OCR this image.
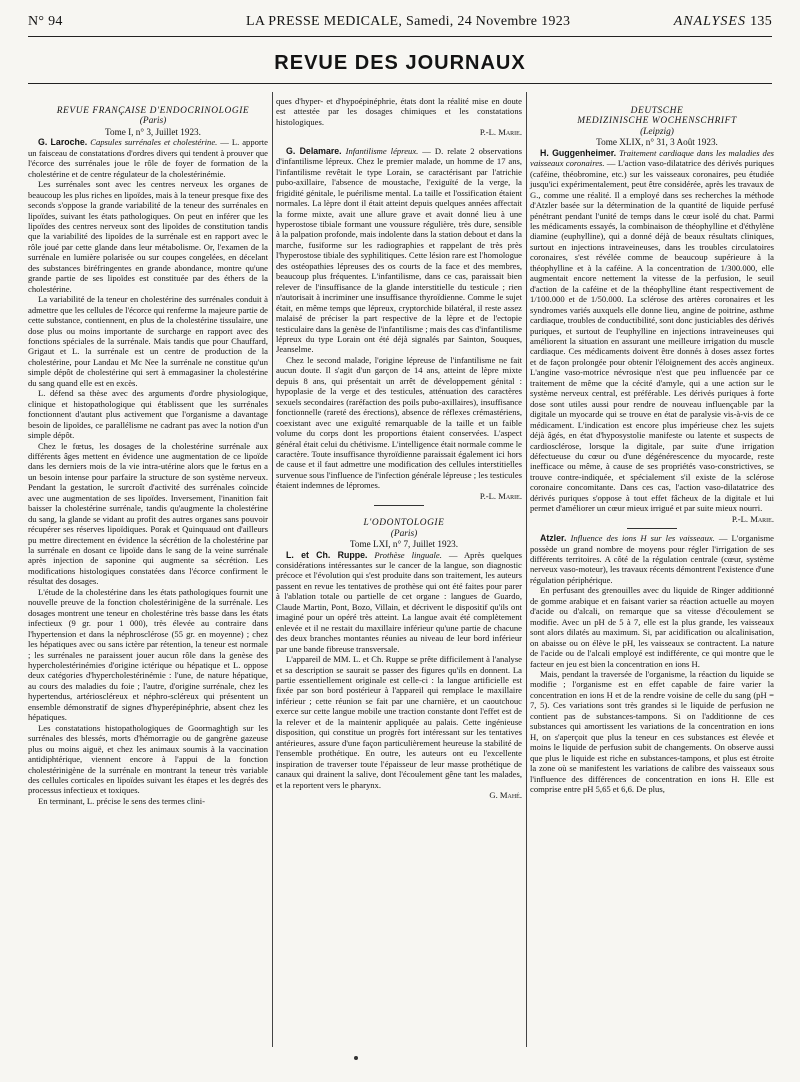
N° 94	LA PRESSE MEDICALE, Samedi, 24 Novembre 1923	ANALYSES 135
REVUE DES JOURNAUX

REVUE FRANÇAISE D'ENDOCRINOLOGIE

(Paris)

Tome I, n° 3, Juillet 1923.

G. Laroche. Capsules surrénales et cholestérine. — L. apporte un faisceau de constatations d'ordres divers qui tendent à prouver que l'écorce des surrénales joue le rôle de foyer de formation de la cholestérine et de centre régulateur de la cholestérinémie.

Les surrénales sont avec les centres nerveux les organes de beaucoup les plus riches en lipoïdes, mais à la teneur presque fixe des seconds s'oppose la grande variabilité de la teneur des surrénales en lipoïdes, suivant les états pathologiques. On peut en inférer que les lipoïdes des centres nerveux sont des lipoïdes de constitution tandis que la variabilité des lipoïdes de la surrénale est en rapport avec le rôle joué par cette glande dans leur métabolisme. Or, l'examen de la surrénale en lumière polarisée ou sur coupes congelées, en décelant des substances biréfringentes en grande abondance, montre qu'une grande partie de ses lipoïdes est constituée par des éthers de la cholestérine.

La variabilité de la teneur en cholestérine des surrénales conduit à admettre que les cellules de l'écorce qui renferme la majeure partie de cette substance, contiennent, en plus de la cholestérine tissulaire, une dose plus ou moins importante de surcharge en rapport avec des fonctions spéciales de la surrénale. Mais tandis que pour Chauffard, Grigaut et L. la surrénale est un centre de production de la cholestérine, pour Landau et Mc Nee la surrénale ne constitue qu'un simple dépôt de cholestérine qui sert à emmagasiner la cholestérine du sang quand elle est en excès.

L. défend sa thèse avec des arguments d'ordre physiologique, clinique et histopathologique qui établissent que les surrénales fonctionnent d'autant plus activement que l'organisme a davantage besoin de lipoïdes, ce parallélisme ne cadrant pas avec la notion d'un simple dépôt.

Chez le fœtus, les dosages de la cholestérine surrénale aux différents âges mettent en évidence une augmentation de ce lipoïde dans les derniers mois de la vie intra-utérine alors que le fœtus en a un besoin intense pour parfaire la structure de son système nerveux. Pendant la gestation, le surcroît d'activité des surrénales coïncide avec une augmentation de ses lipoïdes. Inversement, l'inanition fait baisser la cholestérine surrénale, tandis qu'augmente la cholestérine du sang, la glande se vidant au profit des autres organes sans pouvoir récupérer ses réserves lipoïdiques. Porak et Quinquaud ont d'ailleurs pu mettre directement en évidence la sécrétion de la cholestérine par la surrénale en dosant ce lipoïde dans le sang de la veine surrénale après injection de saponine qui augmente sa sécrétion. Les modifications histologiques constatées dans l'écorce confirment le résultat des dosages.

L'étude de la cholestérine dans les états pathologiques fournit une nouvelle preuve de la fonction cholestérinigène de la surrénale. Les dosages montrent une teneur en cholestérine très basse dans les états infectieux (9 gr. pour 1 000), très élevée au contraire dans l'hypertension et dans la néphrosclérose (55 gr. en moyenne) ; chez les hépatiques avec ou sans ictère par rétention, la teneur est normale ; les surrénales ne paraissent jouer aucun rôle dans la genèse des hypercholestérinémies d'origine ictérique ou hépatique et L. oppose deux catégories d'hypercholestérinémie : l'une, de nature hépatique, au cours des maladies du foie ; l'autre, d'origine surrénale, chez les hypertendus, artérioscléreux et néphro-scléreux qui présentent un ensemble démonstratif de signes d'hyperépinéphrie, absent chez les hépatiques.

Les constatations histopathologiques de Goormaghtigh sur les surrénales des blessés, morts d'hémorragie ou de gangrène gazeuse plus ou moins aiguë, et chez les animaux soumis à la vaccination antidiphtérique, viennent encore à l'appui de la fonction cholestérinigène de la surrénale en montrant la teneur très variable des cellules corticales en lipoïdes suivant les étapes et les degrés des processus infectieux et toxiques.

En terminant, L. précise le sens des termes clini-

ques d'hyper- et d'hypoépinéphrie, états dont la réalité mise en doute est attestée par les dosages chimiques et les constatations histologiques.

P.-L. Marie.

G. Delamare. Infantilisme lépreux. — D. relate 2 observations d'infantilisme lépreux. Chez le premier malade, un homme de 17 ans, l'infantilisme revêtait le type Lorain, se caractérisant par l'atrichie pubo-axillaire, l'absence de moustache, l'exiguïté de la verge, la frigidité génitale, le puérilisme mental. La taille et l'ossification étaient normales. La lèpre dont il était atteint depuis quelques années affectait la forme mixte, avait une allure grave et avait donné lieu à une hyperostose tibiale formant une voussure régulière, très dure, sensible à la palpation profonde, mais indolente dans la station debout et dans la marche, fusiforme sur les radiographies et rappelant de très près l'hyperostose tibiale des syphilitiques. Cette lésion rare est l'homologue des ostéopathies lépreuses des os courts de la face et des membres, beaucoup plus fréquentes. L'infantilisme, dans ce cas, paraissait bien relever de l'insuffisance de la glande interstitielle du testicule ; rien n'autorisait à incriminer une insuffisance thyroïdienne. Comme le sujet était, en même temps que lépreux, cryptorchide bilatéral, il reste assez malaisé de préciser la part respective de la lèpre et de l'ectopie testiculaire dans la genèse de l'infantilisme ; mais des cas d'infantilisme lépreux du type Lorain ont été déjà signalés par Sainton, Souques, Jeanselme.

Chez le second malade, l'origine lépreuse de l'infantilisme ne fait aucun doute. Il s'agit d'un garçon de 14 ans, atteint de lèpre mixte depuis 8 ans, qui présentait un arrêt de développement génital : hypoplasie de la verge et des testicules, atténuation des caractères sexuels secondaires (raréfaction des poils pubo-axillaires), insuffisance fonctionnelle (rareté des érections), absence de réflexes crémastériens, coexistant avec une exiguïté remarquable de la taille et un faible volume du corps dont les proportions étaient conservées. L'aspect général était celui du chétivisme. L'intelligence était normale comme le caractère. Toute insuffisance thyroïdienne paraissait également ici hors de cause et il faut admettre une modification des cellules interstitielles survenue sous l'influence de l'infection générale lépreuse ; les testicules étaient indemnes de lépromes.

P.-L. Marie.

L'ODONTOLOGIE

(Paris)

Tome LXI, n° 7, Juillet 1923.

L. et Ch. Ruppe. Prothèse linguale. — Après quelques considérations intéressantes sur le cancer de la langue, son diagnostic précoce et l'évolution qui s'est produite dans son traitement, les auteurs passent en revue les tentatives de prothèse qui ont été faites pour parer à l'ablation totale ou partielle de cet organe : langues de Guardo, Claude Martin, Pont, Bozo, Villain, et décrivent le dispositif qu'ils ont imaginé pour un opéré très atteint. La langue avait été complètement enlevée et il ne restait du maxillaire inférieur qu'une partie de chacune des deux branches montantes réunies au niveau de leur bord inférieur par une bande fibreuse transversale.

L'appareil de MM. L. et Ch. Ruppe se prête difficilement à l'analyse et sa description se saurait se passer des figures qu'ils en donnent. La partie essentiellement originale est celle-ci : la langue artificielle est fixée par son bord postérieur à l'appareil qui remplace le maxillaire inférieur ; cette réunion se fait par une charnière, et un caoutchouc exerce sur cette langue mobile une traction constante dont l'effet est de la relever et de la maintenir appliquée au palais. Cette ingénieuse disposition, qui constitue un progrès fort intéressant sur les tentatives antérieures, assure d'une façon particulièrement heureuse la stabilité de l'ensemble prothétique. En outre, les auteurs ont eu l'excellente inspiration de traverser toute l'épaisseur de leur masse prothétique de canaux qui drainent la salive, dont l'écoulement gêne tant les malades, et la reportent vers le pharynx.

G. Mahé.

DEUTSCHE

MEDIZINISCHE WOCHENSCHRIFT

(Leipzig)

Tome XLIX, n° 31, 3 Août 1923.

H. Guggenheimer. Traitement cardiaque dans les maladies des vaisseaux coronaires. — L'action vaso-dilatatrice des dérivés puriques (caféine, théobromine, etc.) sur les vaisseaux coronaires, peu étudiée jusqu'ici expérimentalement, peut être considérée, après les travaux de G., comme une réalité. Il a employé dans ses recherches la méthode d'Atzler basée sur la détermination de la quantité de liquide perfusé pénétrant pendant l'unité de temps dans le cœur isolé du chat. Parmi les médicaments essayés, la combinaison de théophylline et d'éthylène diamine (euphylline), qui a donné déjà de beaux résultats cliniques, surtout en injections intraveineuses, dans les troubles circulatoires coronaires, s'est révélée comme de beaucoup supérieure à la théophylline et à la caféine. A la concentration de 1/300.000, elle augmentait encore nettement la vitesse de la perfusion, le seuil d'action de la caféine et de la théophylline étant respectivement de 1/100.000 et de 1/50.000. La sclérose des artères coronaires et les syndromes variés auxquels elle donne lieu, angine de poitrine, asthme cardiaque, troubles de conductibilité, sont donc justiciables des dérivés puriques, et surtout de l'euphylline en injections intraveineuses qui améliorent la situation en assurant une meilleure irrigation du muscle cardiaque. Ces médicaments doivent être donnés à doses assez fortes et de façon prolongée pour obtenir l'éloignement des accès angineux. L'angine vaso-motrice névrosique n'est que peu influencée par ce traitement de même que la cécité d'amyle, qui a une action sur le système nerveux central, est préférable. Les dérivés puriques à forte dose sont utiles aussi pour rendre de nouveau influençable par la digitale un myocarde qui se trouve en état de paralysie vis-à-vis de ce médicament. L'indication est encore plus impérieuse chez les sujets déjà âgés, en état d'hyposystolie manifeste ou latente et suspects de cardiosclérose, lorsque la digitale, par suite d'une irrigation défectueuse du cœur ou d'une dégénérescence du myocarde, reste inefficace ou même, à cause de ses propriétés vaso-constrictives, se trouve contre-indiquée, et spécialement s'il existe de la sclérose coronaire concomitante. Dans ces cas, l'action vaso-dilatatrice des dérivés puriques s'oppose à tout effet fâcheux de la digitale et lui permet d'améliorer un cœur mieux irrigué et par suite mieux nourri.

P.-L. Marie.

Atzler. Influence des ions H sur les vaisseaux. — L'organisme possède un grand nombre de moyens pour régler l'irrigation de ses différents territoires. A côté de la régulation centrale (cœur, système nerveux vaso-moteur), les travaux récents démontrent l'existence d'une régulation périphérique.

En perfusant des grenouilles avec du liquide de Ringer additionné de gomme arabique et en faisant varier sa réaction actuelle au moyen d'acide ou d'alcali, on remarque que sa vitesse d'écoulement se modifie. Avec un pH de 5 à 7, elle est la plus grande, les vaisseaux sont alors dilatés au maximum. Si, par acidification ou alcalinisation, on abaisse ou on élève le pH, les vaisseaux se contractent. La nature de l'acide ou de l'alcali employé est indifférente, ce qui montre que le facteur en jeu est bien la concentration en ions H.

Mais, pendant la traversée de l'organisme, la réaction du liquide se modifie ; l'organisme est en effet capable de faire varier la concentration en ions H et de la rendre voisine de celle du sang (pH = 7, 5). Ces variations sont très grandes si le liquide de perfusion ne contient pas de substances-tampons. Si on l'additionne de ces substances qui amortissent les variations de la concentration en ions H, on s'aperçoit que plus la teneur en ces substances est élevée et moins le liquide de perfusion subit de changements. On observe aussi que plus le liquide est riche en substances-tampons, et plus est étroite la zone où se manifestent les variations de calibre des vaisseaux sous l'influence des différences de concentration en ions H. Elle est comprise entre pH 5,65 et 6,6. De plus,
